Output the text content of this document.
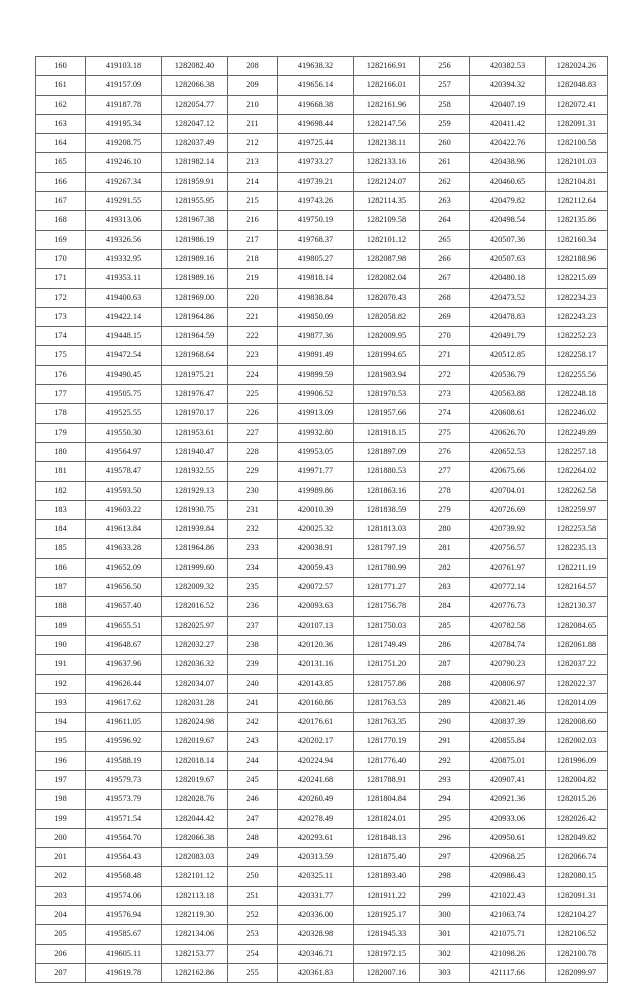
160	419103.18	1282082.40	208	419638.32	1282166.91	256	420382.53	1282024.26
161	419157.09	1282066.38	209	419656.14	1282166.01	257	420394.32	1282048.83
162	419187.78	1282054.77	210	419668.38	1282161.96	258	420407.19	1282072.41
163	419195.34	1282047.12	211	419698.44	1282147.56	259	420411.42	1282091.31
164	419208.75	1282037.49	212	419725.44	1282138.11	260	420422.76	1282100.58
165	419246.10	1281982.14	213	419733.27	1282133.16	261	420438.96	1282101.03
166	419267.34	1281959.91	214	419739.21	1282124.07	262	420460.65	1282104.81
167	419291.55	1281955.95	215	419743.26	1282114.35	263	420479.82	1282112.64
168	419313.06	1281967.38	216	419750.19	1282109.58	264	420498.54	1282135.86
169	419326.56	1281986.19	217	419768.37	1282101.12	265	420507.36	1282160.34
170	419332.95	1281989.16	218	419805.27	1282087.98	266	420507.63	1282188.96
171	419353.11	1281989.16	219	419818.14	1282082.04	267	420480.18	1282215.69
172	419400.63	1281969.00	220	419838.84	1282070.43	268	420473.52	1282234.23
173	419422.14	1281964.86	221	419850.09	1282058.82	269	420478.83	1282243.23
174	419448.15	1281964.59	222	419877.36	1282009.95	270	420491.79	1282252.23
175	419472.54	1281968.64	223	419891.49	1281994.65	271	420512.85	1282258.17
176	419490.45	1281975.21	224	419899.59	1281983.94	272	420536.79	1282255.56
177	419505.75	1281976.47	225	419906.52	1281970.53	273	420563.88	1282248.18
178	419525.55	1281970.17	226	419913.09	1281957.66	274	420608.61	1282246.02
179	419550.30	1281953.61	227	419932.80	1281918.15	275	420626.70	1282249.89
180	419564.97	1281940.47	228	419953.05	1281897.09	276	420652.53	1282257.18
181	419578.47	1281932.55	229	419971.77	1281880.53	277	420675.66	1282264.02
182	419593.50	1281929.13	230	419989.86	1281863.16	278	420704.01	1282262.58
183	419603.22	1281930.75	231	420010.39	1281838.59	279	420726.69	1282259.97
184	419613.84	1281939.84	232	420025.32	1281813.03	280	420739.92	1282253.58
185	419633.28	1281964.86	233	420038.91	1281797.19	281	420756.57	1282235.13
186	419652.09	1281999.60	234	420059.43	1281780.99	282	420761.97	1282211.19
187	419656.50	1282009.32	235	420072.57	1281771.27	283	420772.14	1282164.57
188	419657.40	1282016.52	236	420093.63	1281756.78	284	420776.73	1282130.37
189	419655.51	1282025.97	237	420107.13	1281750.03	285	420782.58	1282084.65
190	419648.67	1282032.27	238	420120.36	1281749.49	286	420784.74	1282061.88
191	419637.96	1282036.32	239	420131.16	1281751.20	287	420790.23	1282037.22
192	419626.44	1282034.07	240	420143.85	1281757.86	288	420806.97	1282022.37
193	419617.62	1282031.28	241	420160.86	1281763.53	289	420821.46	1282014.09
194	419611.05	1282024.98	242	420176.61	1281763.35	290	420837.39	1282008.60
195	419596.92	1282019.67	243	420202.17	1281770.19	291	420855.84	1282002.03
196	419588.19	1282018.14	244	420224.94	1281776.40	292	420875.01	1281996.09
197	419579.73	1282019.67	245	420241.68	1281788.91	293	420907.41	1282004.82
198	419573.79	1282028.76	246	420260.49	1281804.84	294	420921.36	1282015.26
199	419571.54	1282044.42	247	420278.49	1281824.01	295	420933.06	1282026.42
200	419564.70	1282066.38	248	420293.61	1281848.13	296	420950.61	1282049.82
201	419564.43	1282083.03	249	420313.59	1281875.40	297	420968.25	1282066.74
202	419568.48	1282101.12	250	420325.11	1281893.40	298	420986.43	1282080.15
203	419574.06	1282113.18	251	420331.77	1281911.22	299	421022.43	1282091.31
204	419576.94	1282119.30	252	420336.00	1281925.17	300	421063.74	1282104.27
205	419585.67	1282134.06	253	420328.98	1281945.33	301	421075.71	1282106.52
206	419605.11	1282153.77	254	420346.71	1281972.15	302	421098.26	1282100.78
207	419619.78	1282162.86	255	420361.83	1282007.16	303	421117.66	1282099.97
